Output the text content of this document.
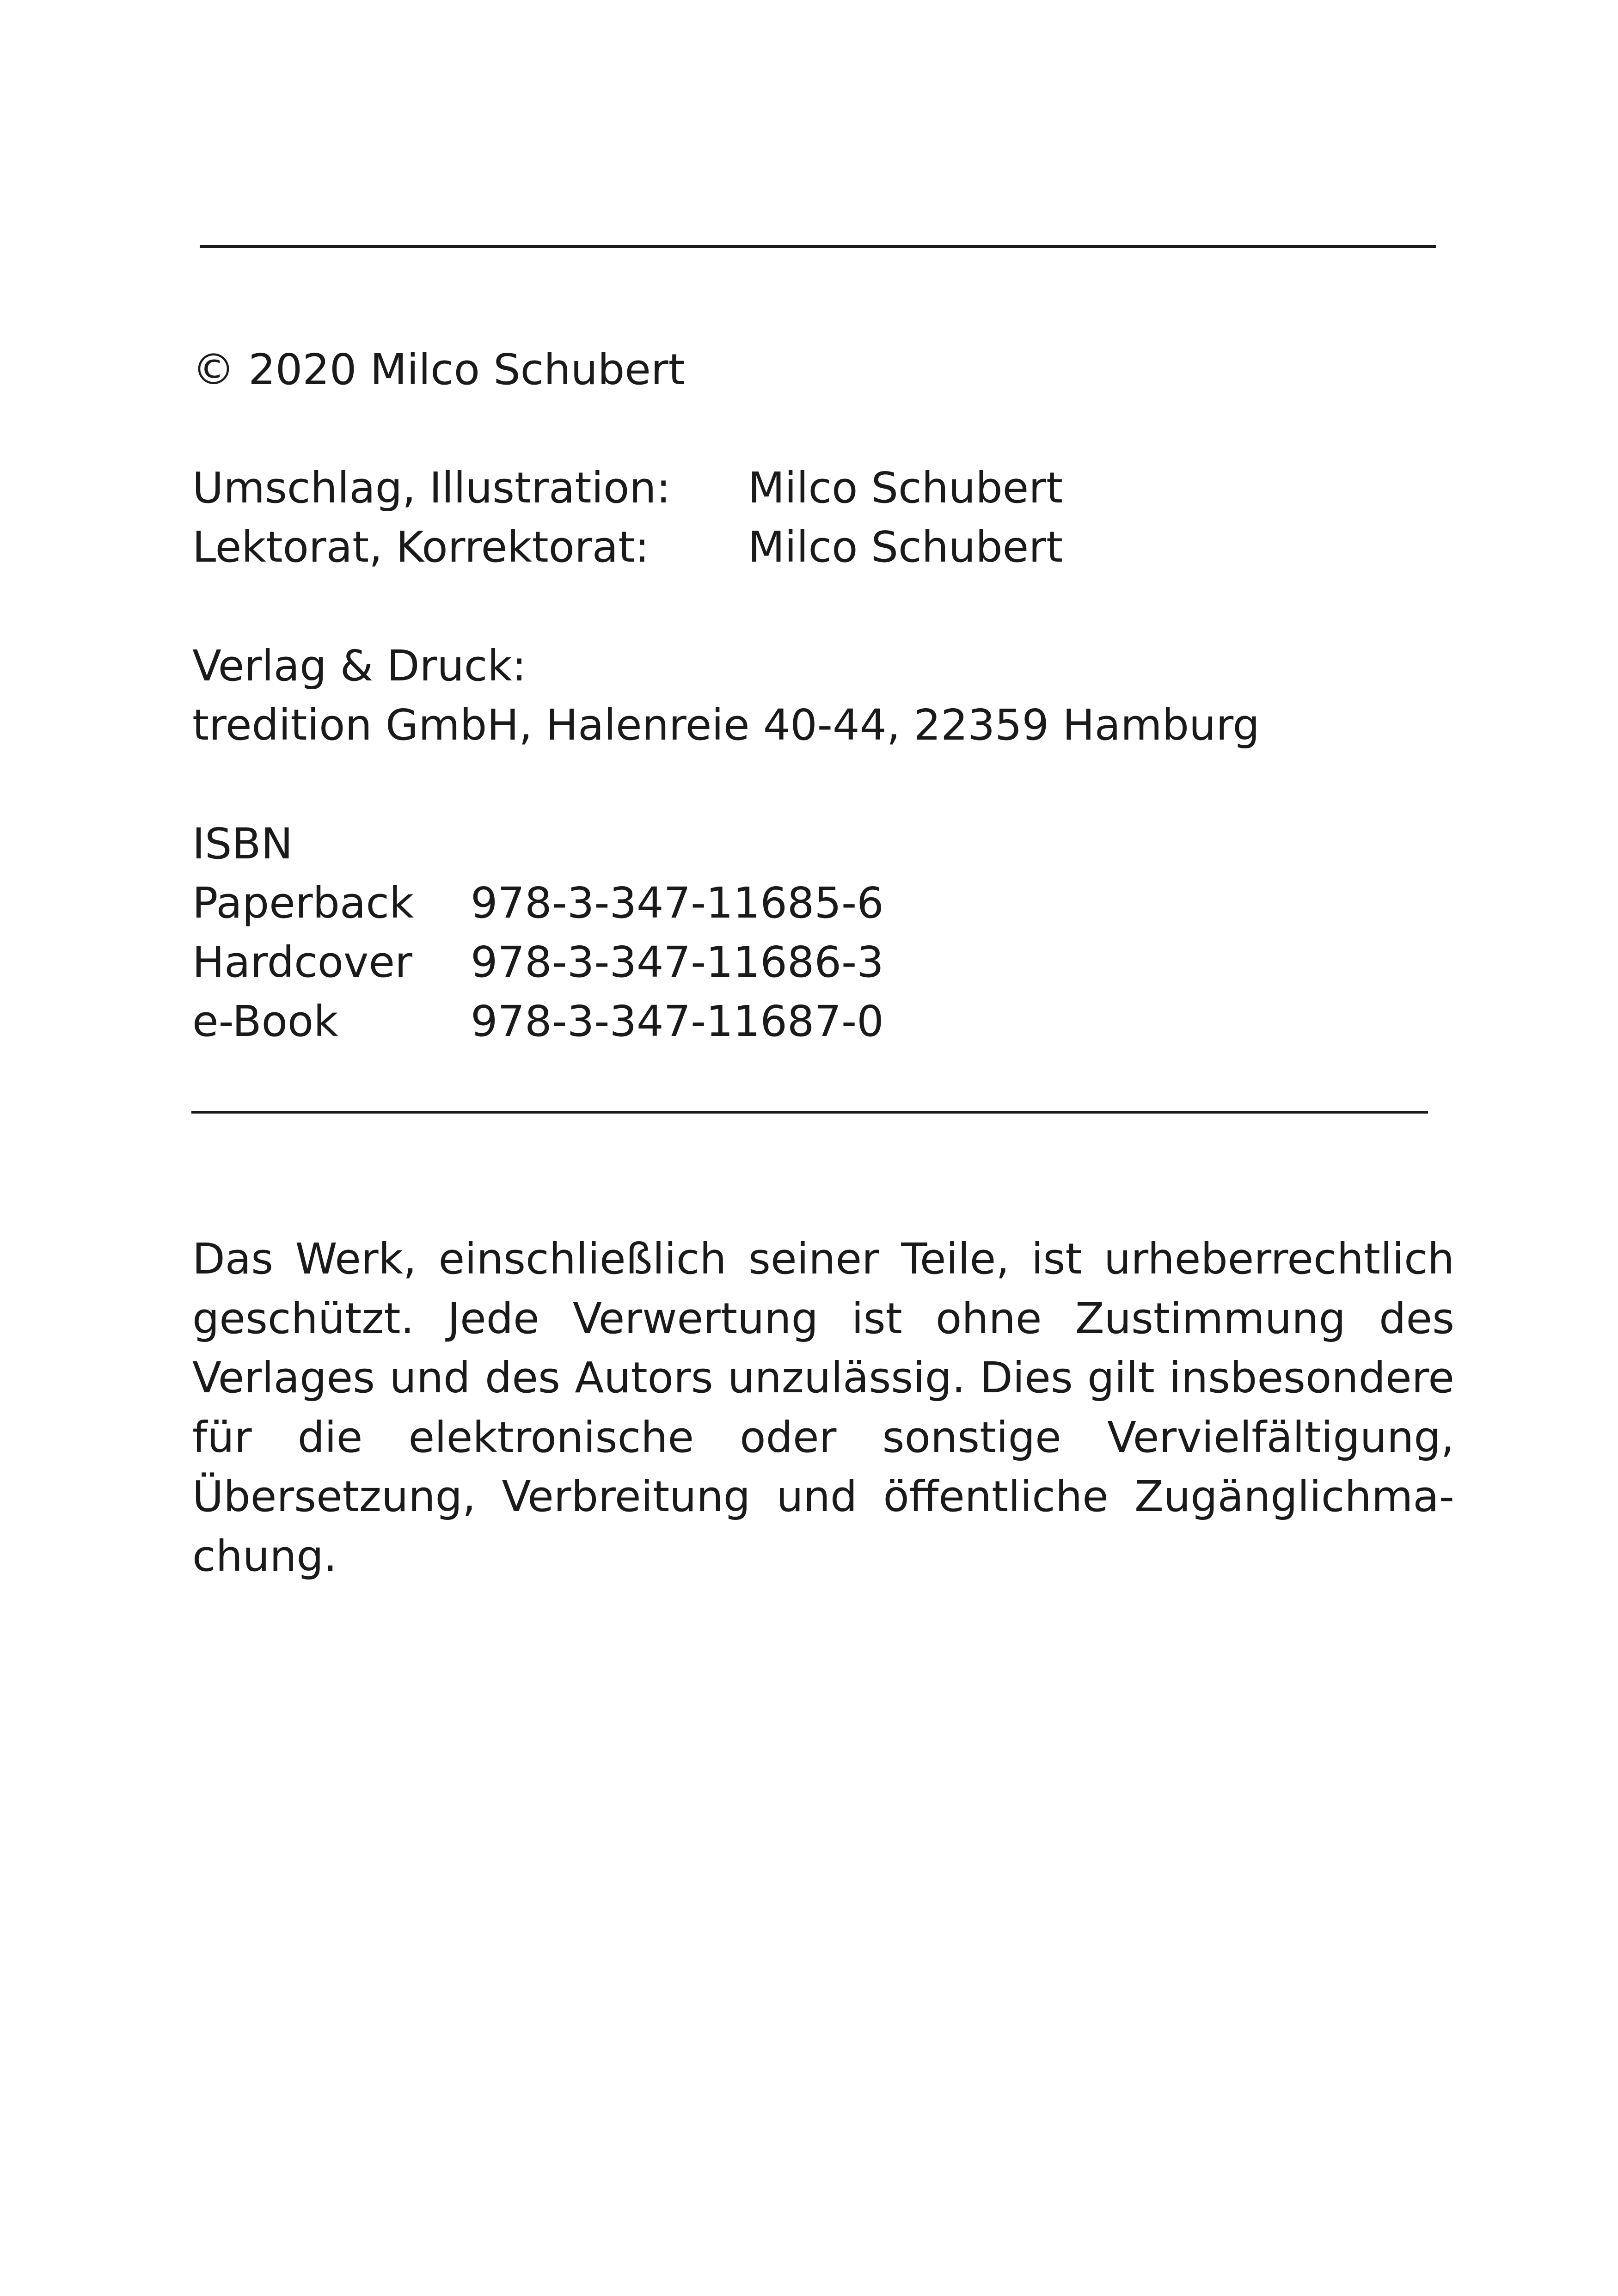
© 2020 Milco Schubert
Umschlag, Illustration: Milco Schubert
Lektorat, Korrektorat: Milco Schubert
Verlag & Druck:
tredition GmbH, Halenreie 40-44, 22359 Hamburg
ISBN
Paperback 978-3-347-11685-6
Hardcover 978-3-347-11686-3
e-Book	978-3-347-11687-0
Das Werk, einschließlich seiner Teile, ist urheberrechtlich geschützt. Jede Verwertung ist ohne Zustimmung des Verlages und des Autors unzulässig. Dies gilt insbesondere für die elektronische oder sonstige Vervielfältigung, Übersetzung, Verbreitung und öffentliche Zugänglichmachung.
